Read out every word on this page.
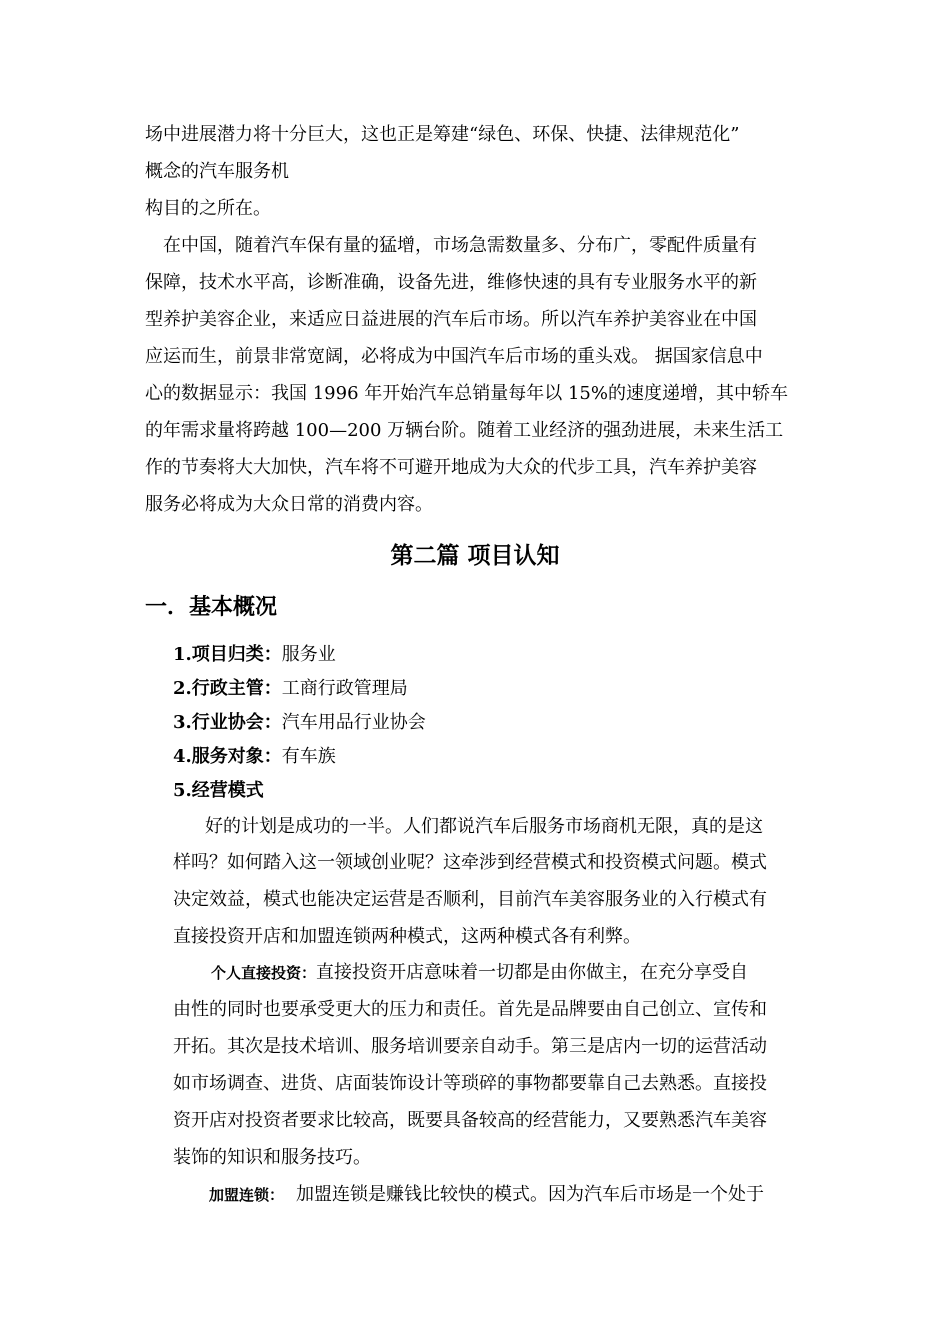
场中进展潜力将十分巨大，这也正是筹建“绿色、环保、快捷、法律规范化”
概念的汽车服务机
构目的之所在。
在中国，随着汽车保有量的猛增，市场急需数量多、分布广，零配件质量有
保障，技术水平高，诊断准确，设备先进，维修快速的具有专业服务水平的新
型养护美容企业，来适应日益进展的汽车后市场。所以汽车养护美容业在中国
应运而生，前景非常宽阔，必将成为中国汽车后市场的重头戏。 据国家信息中
心的数据显示：我国 1996 年开始汽车总销量每年以 15%的速度递增，其中轿车
的年需求量将跨越 100—200 万辆台阶。随着工业经济的强劲进展，未来生活工
作的节奏将大大加快，汽车将不可避开地成为大众的代步工具，汽车养护美容
服务必将成为大众日常的消费内容。
第二篇 项目认知
一．基本概况
1.项目归类：服务业
2.行政主管：工商行政管理局
3.行业协会：汽车用品行业协会
4.服务对象：有车族
5.经营模式
好的计划是成功的一半。人们都说汽车后服务市场商机无限，真的是这
样吗？如何踏入这一领域创业呢？这牵涉到经营模式和投资模式问题。模式
决定效益，模式也能决定运营是否顺利，目前汽车美容服务业的入行模式有
直接投资开店和加盟连锁两种模式，这两种模式各有利弊。
个人直接投资：直接投资开店意味着一切都是由你做主，在充分享受自
由性的同时也要承受更大的压力和责任。首先是品牌要由自己创立、宣传和
开拓。其次是技术培训、服务培训要亲自动手。第三是店内一切的运营活动
如市场调查、进货、店面装饰设计等琐碎的事物都要靠自己去熟悉。直接投
资开店对投资者要求比较高，既要具备较高的经营能力，又要熟悉汽车美容
装饰的知识和服务技巧。
加盟连锁： 加盟连锁是赚钱比较快的模式。因为汽车后市场是一个处于
